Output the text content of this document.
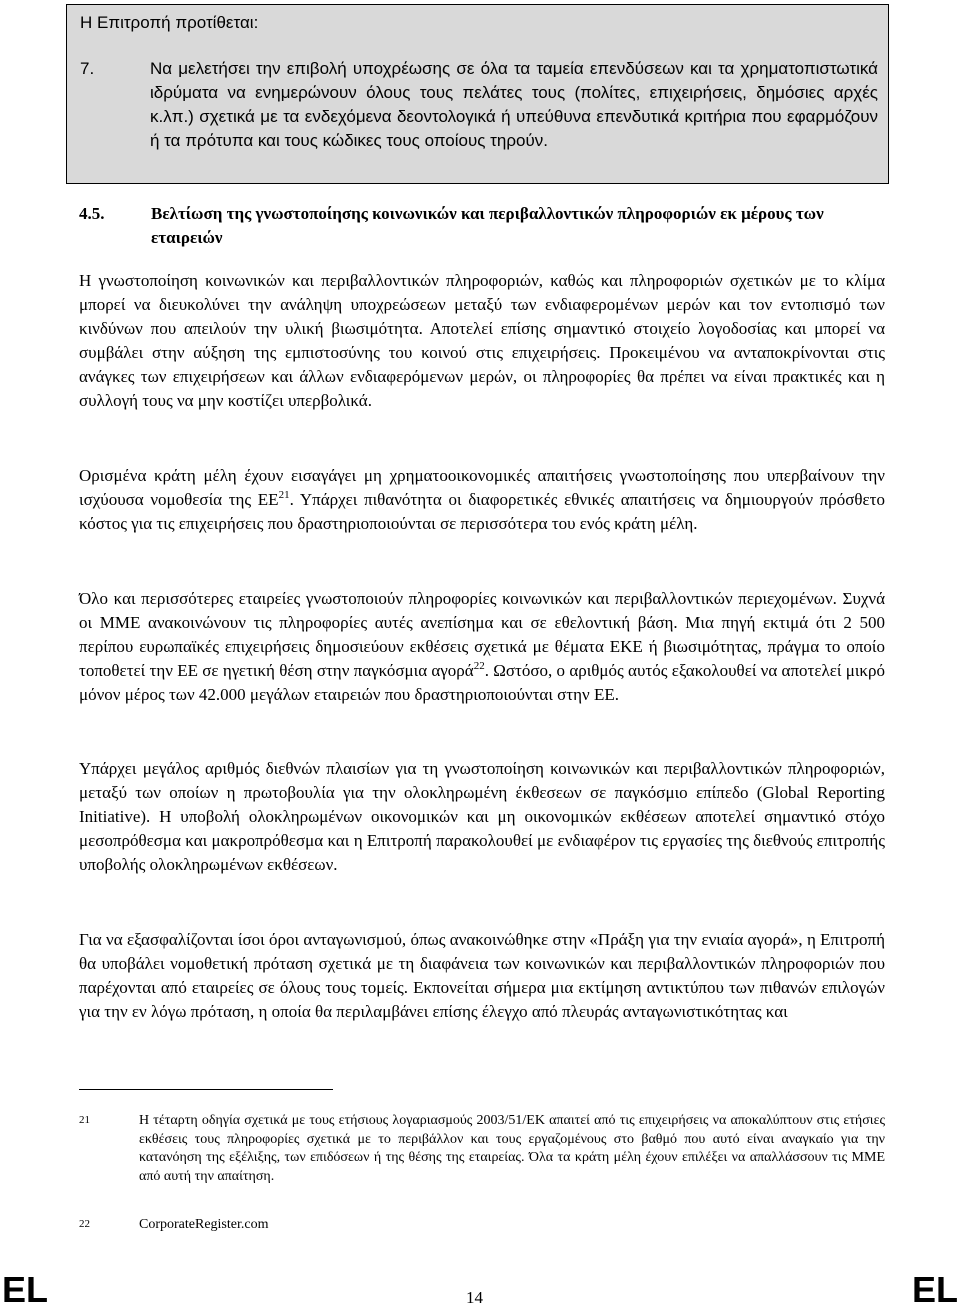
Η Επιτροπή προτίθεται:

7.	Να μελετήσει την επιβολή υποχρέωσης σε όλα τα ταμεία επενδύσεων και τα χρηματοπιστωτικά ιδρύματα να ενημερώνουν όλους τους πελάτες τους (πολίτες, επιχειρήσεις, δημόσιες αρχές κ.λπ.) σχετικά με τα ενδεχόμενα δεοντολογικά ή υπεύθυνα επενδυτικά κριτήρια που εφαρμόζουν ή τα πρότυπα και τους κώδικες τους οποίους τηρούν.
4.5.	Βελτίωση της γνωστοποίησης κοινωνικών και περιβαλλοντικών πληροφοριών εκ μέρους των εταιρειών

Η γνωστοποίηση κοινωνικών και περιβαλλοντικών πληροφοριών, καθώς και πληροφοριών σχετικών με το κλίμα μπορεί να διευκολύνει την ανάληψη υποχρεώσεων μεταξύ των ενδιαφερομένων μερών και τον εντοπισμό των κινδύνων που απειλούν την υλική βιωσιμότητα. Αποτελεί επίσης σημαντικό στοιχείο λογοδοσίας και μπορεί να συμβάλει στην αύξηση της εμπιστοσύνης του κοινού στις επιχειρήσεις. Προκειμένου να ανταποκρίνονται στις ανάγκες των επιχειρήσεων και άλλων ενδιαφερόμενων μερών, οι πληροφορίες θα πρέπει να είναι πρακτικές και η συλλογή τους να μην κοστίζει υπερβολικά.

Ορισμένα κράτη μέλη έχουν εισαγάγει μη χρηματοοικονομικές απαιτήσεις γνωστοποίησης που υπερβαίνουν την ισχύουσα νομοθεσία της ΕΕ$^{21}$. Υπάρχει πιθανότητα οι διαφορετικές εθνικές απαιτήσεις να δημιουργούν πρόσθετο κόστος για τις επιχειρήσεις που δραστηριοποιούνται σε περισσότερα του ενός κράτη μέλη.

Όλο και περισσότερες εταιρείες γνωστοποιούν πληροφορίες κοινωνικών και περιβαλλοντικών περιεχομένων. Συχνά οι ΜΜΕ ανακοινώνουν τις πληροφορίες αυτές ανεπίσημα και σε εθελοντική βάση. Μια πηγή εκτιμά ότι 2 500 περίπου ευρωπαϊκές επιχειρήσεις δημοσιεύουν εκθέσεις σχετικά με θέματα ΕΚΕ ή βιωσιμότητας, πράγμα το οποίο τοποθετεί την ΕΕ σε ηγετική θέση στην παγκόσμια αγορά$^{22}$. Ωστόσο, ο αριθμός αυτός εξακολουθεί να αποτελεί μικρό μόνον μέρος των 42.000 μεγάλων εταιρειών που δραστηριοποιούνται στην ΕΕ.

Υπάρχει μεγάλος αριθμός διεθνών πλαισίων για τη γνωστοποίηση κοινωνικών και περιβαλλοντικών πληροφοριών, μεταξύ των οποίων η πρωτοβουλία για την ολοκληρωμένη έκθεσεων σε παγκόσμιο επίπεδο (Global Reporting Initiative). Η υποβολή ολοκληρωμένων οικονομικών και μη οικονομικών εκθέσεων αποτελεί σημαντικό στόχο μεσοπρόθεσμα και μακροπρόθεσμα και η Επιτροπή παρακολουθεί με ενδιαφέρον τις εργασίες της διεθνούς επιτροπής υποβολής ολοκληρωμένων εκθέσεων.

Για να εξασφαλίζονται ίσοι όροι ανταγωνισμού, όπως ανακοινώθηκε στην «Πράξη για την ενιαία αγορά», η Επιτροπή θα υποβάλει νομοθετική πρόταση σχετικά με τη διαφάνεια των κοινωνικών και περιβαλλοντικών πληροφοριών που παρέχονται από εταιρείες σε όλους τους τομείς. Εκπονείται σήμερα μια εκτίμηση αντικτύπου των πιθανών επιλογών για την εν λόγω πρόταση, η οποία θα περιλαμβάνει επίσης έλεγχο από πλευράς ανταγωνιστικότητας και

21	Η τέταρτη οδηγία σχετικά με τους ετήσιους λογαριασμούς 2003/51/ΕΚ απαιτεί από τις επιχειρήσεις να αποκαλύπτουν στις ετήσιες εκθέσεις τους πληροφορίες σχετικά με το περιβάλλον και τους εργαζομένους στο βαθμό που αυτό είναι αναγκαίο για την κατανόηση της εξέλιξης, των επιδόσεων ή της θέσης της εταιρείας. Όλα τα κράτη μέλη έχουν επιλέξει να απαλλάσσουν τις ΜΜΕ από αυτή την απαίτηση.
22	CorporateRegister.com
EL	14	EL
